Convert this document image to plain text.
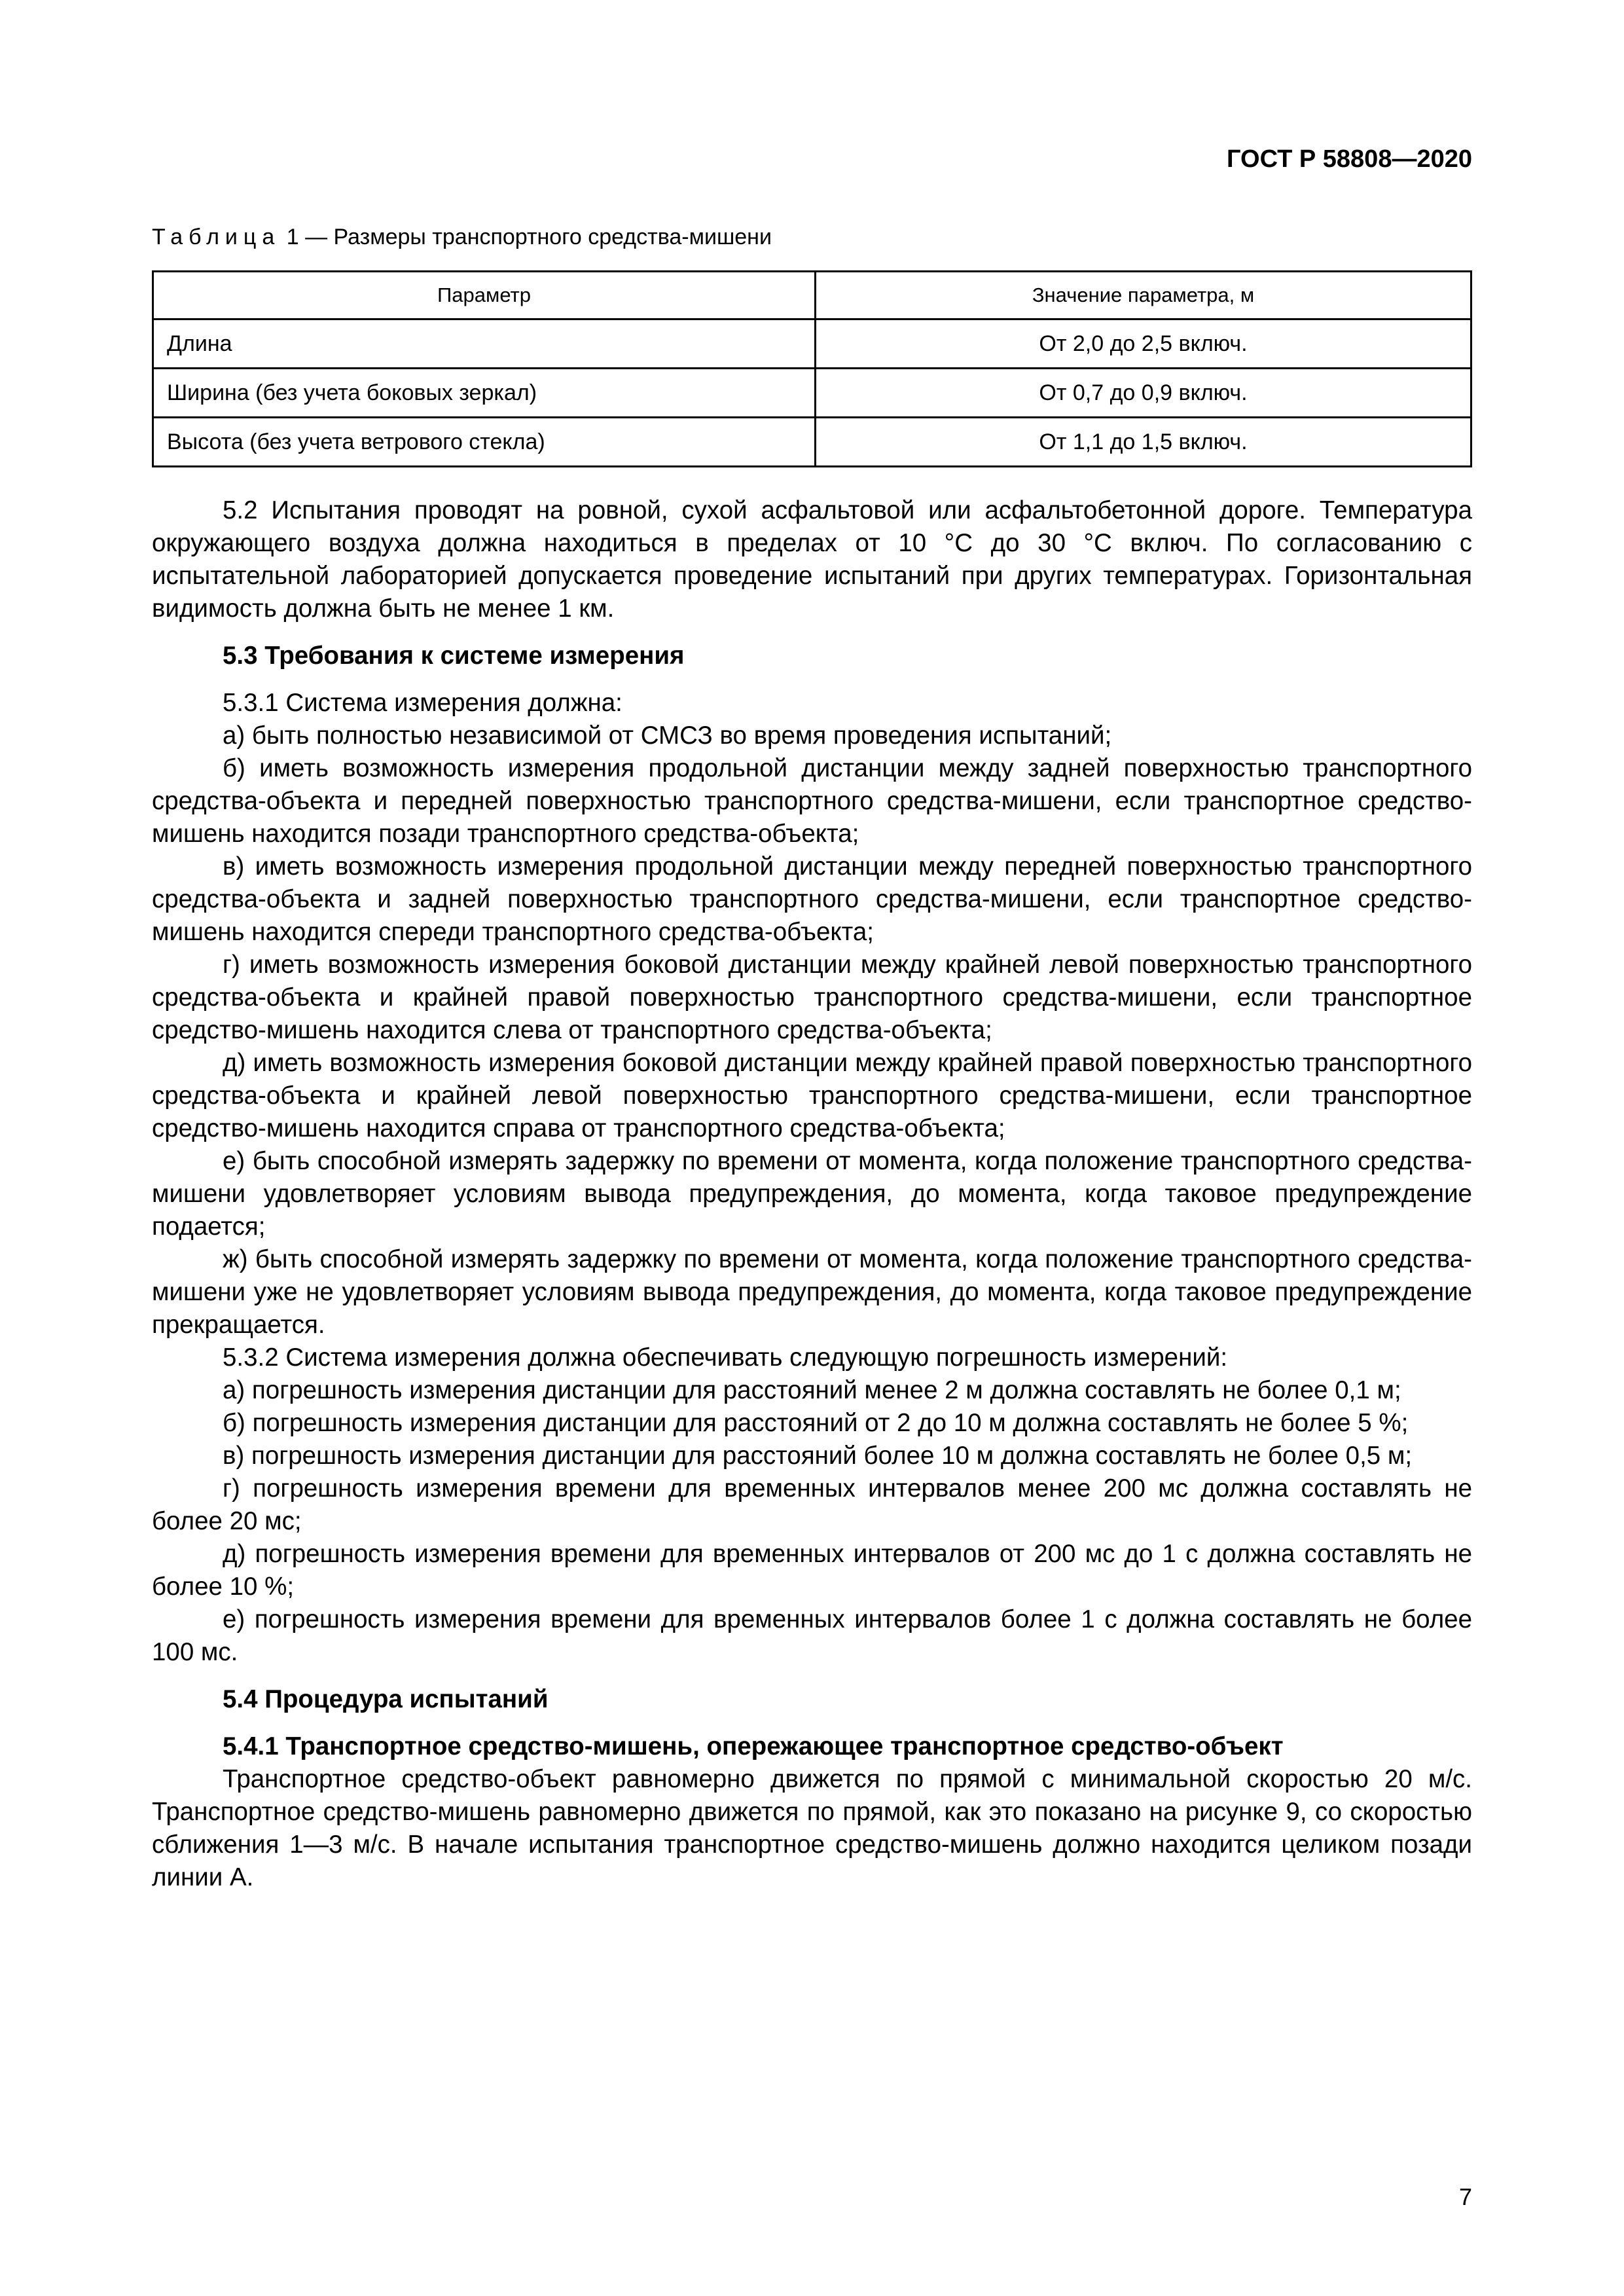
ГОСТ Р 58808—2020
Таблица 1 — Размеры транспортного средства-мишени
Параметр	Значение параметра, м
Длина	От 2,0 до 2,5 включ.
Ширина (без учета боковых зеркал)	От 0,7 до 0,9 включ.
Высота (без учета ветрового стекла)	От 1,1 до 1,5 включ.

5.2 Испытания проводят на ровной, сухой асфальтовой или асфальтобетонной дороге. Температура окружающего воздуха должна находиться в пределах от 10 °С до 30 °С включ. По согласованию с испытательной лабораторией допускается проведение испытаний при других температурах. Горизонтальная видимость должна быть не менее 1 км.

5.3 Требования к системе измерения

5.3.1 Система измерения должна:

а) быть полностью независимой от СМСЗ во время проведения испытаний;

б) иметь возможность измерения продольной дистанции между задней поверхностью транспортного средства-объекта и передней поверхностью транспортного средства-мишени, если транспортное средство-мишень находится позади транспортного средства-объекта;

в) иметь возможность измерения продольной дистанции между передней поверхностью транспортного средства-объекта и задней поверхностью транспортного средства-мишени, если транспортное средство-мишень находится спереди транспортного средства-объекта;

г) иметь возможность измерения боковой дистанции между крайней левой поверхностью транспортного средства-объекта и крайней правой поверхностью транспортного средства-мишени, если транспортное средство-мишень находится слева от транспортного средства-объекта;

д) иметь возможность измерения боковой дистанции между крайней правой поверхностью транспортного средства-объекта и крайней левой поверхностью транспортного средства-мишени, если транспортное средство-мишень находится справа от транспортного средства-объекта;

е) быть способной измерять задержку по времени от момента, когда положение транспортного средства-мишени удовлетворяет условиям вывода предупреждения, до момента, когда таковое предупреждение подается;

ж) быть способной измерять задержку по времени от момента, когда положение транспортного средства-мишени уже не удовлетворяет условиям вывода предупреждения, до момента, когда таковое предупреждение прекращается.

5.3.2 Система измерения должна обеспечивать следующую погрешность измерений:

а) погрешность измерения дистанции для расстояний менее 2 м должна составлять не более 0,1 м;

б) погрешность измерения дистанции для расстояний от 2 до 10 м должна составлять не более 5 %;

в) погрешность измерения дистанции для расстояний более 10 м должна составлять не более 0,5 м;

г) погрешность измерения времени для временных интервалов менее 200 мс должна составлять не более 20 мс;

д) погрешность измерения времени для временных интервалов от 200 мс до 1 с должна составлять не более 10 %;

е) погрешность измерения времени для временных интервалов более 1 с должна составлять не более 100 мс.

5.4 Процедура испытаний

5.4.1 Транспортное средство-мишень, опережающее транспортное средство-объект

Транспортное средство-объект равномерно движется по прямой с минимальной скоростью 20 м/с. Транспортное средство-мишень равномерно движется по прямой, как это показано на рисунке 9, со скоростью сближения 1—3 м/с. В начале испытания транспортное средство-мишень должно находится целиком позади линии А.

7
